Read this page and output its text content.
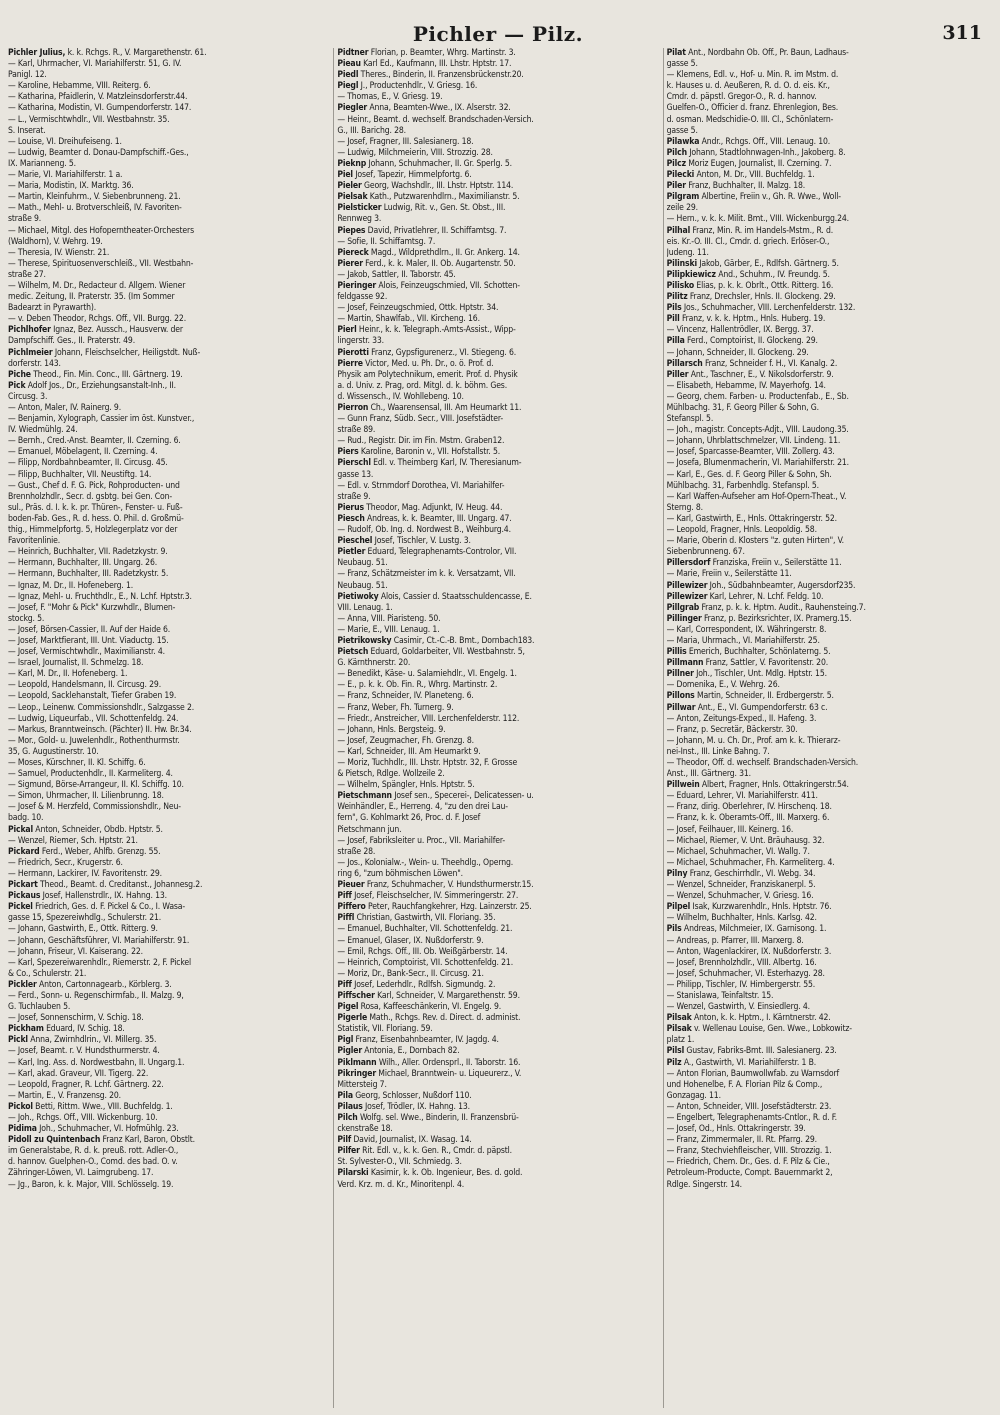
Pichler — Pilz.	311
Pichler Julius, k. k. Rchgs. R., V. Margarethenstr. 61.
— Karl, Uhrmacher, VI. Mariahilferstr. 51, G. IV.
Panigl. 12.
— Karoline, Hebamme, VIII. Reiterg. 6.
— Katharina, Pfaidlerin, V. Matzleinsdorferstr.44.
— Katharina, Modistin, VI. Gumpendorferstr. 147.
— L., Vermischtwhdlr., VII. Westbahnstr. 35.
S. Inserat.
— Louise, VI. Dreihufeiseng. 1.
— Ludwig, Beamter d. Donau-Dampfschiff.-Ges.,
IX. Marianneng. 5.
— Marie, VI. Mariahilferstr. 1 a.
— Maria, Modistin, IX. Marktg. 36.
— Martin, Kleinfuhrm., V. Siebenbrunneng. 21.
— Math., Mehl- u. Brotverschleiß, IV. Favoriten-
straße 9.
— Michael, Mitgl. des Hofoperntheater-Orchesters
(Waldhorn), V. Wehrg. 19.
— Theresia, IV. Wienstr. 21.
— Therese, Spirituosenverschleiß., VII. Westbahn-
straße 27.
— Wilhelm, M. Dr., Redacteur d. Allgem. Wiener
medic. Zeitung, II. Praterstr. 35. (Im Sommer
Badearzt in Pyrawarth).
— v. Deben Theodor, Rchgs. Off., VII. Burgg. 22.
Pichlhofer Ignaz, Bez. Aussch., Hausverw. der
Dampfschiff. Ges., II. Praterstr. 49.
Pichlmeier Johann, Fleischselcher, Heiligstdt. Nuß-
dorferstr. 143.
Piche Theod., Fin. Min. Conc., III. Gärtnerg. 19.
Pick Adolf Jos., Dr., Erziehungsanstalt-Inh., II.
Circusg. 3.
— Anton, Maler, IV. Rainerg. 9.
— Benjamin, Xylograph, Cassier im öst. Kunstver.,
IV. Wiedmühlg. 24.
— Bernh., Cred.-Anst. Beamter, II. Czerning. 6.
— Emanuel, Möbelagent, II. Czerning. 4.
— Filipp, Nordbahnbeamter, II. Circusg. 45.
— Filipp, Buchhalter, VII. Neustiftg. 14.
— Gust., Chef d. F. G. Pick, Rohproducten- und
Brennholzhdlr., Secr. d. gsbtg. bei Gen. Con-
sul., Präs. d. I. k. k. pr. Thüren-, Fenster- u. Fuß-
boden-Fab. Ges., R. d. hess. O. Phil. d. Großmü-
thig., Himmelpfortg. 5, Holzlegerplatz vor der
Favoritenlinie.
— Heinrich, Buchhalter, VII. Radetzkystr. 9.
— Hermann, Buchhalter, III. Ungarg. 26.
— Hermann, Buchhalter, III. Radetzkystr. 5.
— Ignaz, M. Dr., II. Hofeneberg. 1.
— Ignaz, Mehl- u. Fruchthdlr., E., N. Lchf. Hptstr.3.
— Josef, F. "Mohr & Pick" Kurzwhdlr., Blumen-
stockg. 5.
— Josef, Börsen-Cassier, II. Auf der Haide 6.
— Josef, Marktfierant, III. Unt. Viaductg. 15.
— Josef, Vermischtwhdlr., Maximilianstr. 4.
— Israel, Journalist, II. Schmelzg. 18.
— Karl, M. Dr., II. Hofeneberg. 1.
— Leopold, Handelsmann, II. Circusg. 29.
— Leopold, Sacklehanstalt, Tiefer Graben 19.
— Leop., Leinenw. Commissionshdlr., Salzgasse 2.
— Ludwig, Liqueurfab., VII. Schottenfeldg. 24.
— Markus, Branntweinsch. (Pächter) II. Hw. Br.34.
— Mor., Gold- u. Juwelenhdlr., Rothenthurmstr.
35, G. Augustinerstr. 10.
— Moses, Kürschner, II. Kl. Schiffg. 6.
— Samuel, Productenhdlr., II. Karmeliterg. 4.
— Sigmund, Börse-Arrangeur, II. Kl. Schiffg. 10.
— Simon, Uhrmacher, II. Lilienbrunng. 18.
— Josef & M. Herzfeld, Commissionshdlr., Neu-
badg. 10.
Pickal Anton, Schneider, Obdb. Hptstr. 5.
— Wenzel, Riemer, Sch. Hptstr. 21.
Pickard Ferd., Weber, Ahlfb. Grenzg. 55.
— Friedrich, Secr., Krugerstr. 6.
— Hermann, Lackirer, IV. Favoritenstr. 29.
Pickart Theod., Beamt. d. Creditanst., Johannesg.2.
Pickaus Josef, Hallenstrdlr., IX. Hahng. 13.
Pickel Friedrich, Ges. d. F. Pickel & Co., I. Wasa-
gasse 15, Spezereiwhdlg., Schulerstr. 21.
— Johann, Gastwirth, E., Ottk. Ritterg. 9.
— Johann, Geschäftsführer, VI. Mariahilferstr. 91.
— Johann, Friseur, VI. Kaiserang. 22.
— Karl, Spezereiwarenhdlr., Riemerstr. 2, F. Pickel
& Co., Schulerstr. 21.
Pickler Anton, Cartonnagearb., Körblerg. 3.
— Ferd., Sonn- u. Regenschirmfab., II. Malzg. 9,
G. Tuchlauben 5.
— Josef, Sonnenschirm, V. Schig. 18.
Pickham Eduard, IV. Schig. 18.
Pickl Anna, Zwirnhdlrin., VI. Millerg. 35.
— Josef, Beamt. r. V. Hundsthurmerstr. 4.
— Karl, Ing. Ass. d. Nordwestbahn, II. Ungarg.1.
— Karl, akad. Graveur, VII. Tigerg. 22.
— Leopold, Fragner, R. Lchf. Gärtnerg. 22.
— Martin, E., V. Franzensg. 20.
Pickol Betti, Rittm. Wwe., VIII. Buchfeldg. 1.
— Joh., Rchgs. Off., VIII. Wickenburg. 10.
Pidima Joh., Schuhmacher, VI. Hofmühlg. 23.
Pidoll zu Quintenbach Franz Karl, Baron, Obstlt.
im Generalstabe, R. d. k. preuß. rott. Adler-O.,
d. hannov. Guelphen-O., Comd. des bad. O. v.
Zähringer-Löwen, VI. Laimgrubeng. 17.
— Jg., Baron, k. k. Major, VIII. Schlösselg. 19.
Pidtner Florian, p. Beamter, Whrg. Martinstr. 3.
Pieau Karl Ed., Kaufmann, III. Lhstr. Hptstr. 17.
Piedl Theres., Binderin, II. Franzensbrückenstr.20.
Piegl J., Productenhdlr., V. Griesg. 16.
— Thomas, E., V. Griesg. 19.
Piegler Anna, Beamten-Wwe., IX. Alserstr. 32.
— Heinr., Beamt. d. wechself. Brandschaden-Versich.
G., III. Barichg. 28.
— Josef, Fragner, III. Salesianerg. 18.
— Ludwig, Milchmeierin, VIII. Strozzig. 28.
Pieknp Johann, Schuhmacher, II. Gr. Sperlg. 5.
Piel Josef, Tapezir, Himmelpfortg. 6.
Pieler Georg, Wachshdlr., III. Lhstr. Hptstr. 114.
Pielsak Kath., Putzwarenhdlrn., Maximilianstr. 5.
Pielsticker Ludwig, Rit. v., Gen. St. Obst., III.
Rennweg 3.
Piepes David, Privatlehrer, II. Schiffamtsg. 7.
— Sofie, II. Schiffamtsg. 7.
Piereck Magd., Wildprethdlrn., II. Gr. Ankerg. 14.
Pierer Ferd., k. k. Maler, II. Ob. Augartenstr. 50.
— Jakob, Sattler, II. Taborstr. 45.
Pieringer Alois, Feinzeugschmied, VII. Schotten-
feldgasse 92.
— Josef, Feinzeugschmied, Ottk. Hptstr. 34.
— Martin, Shawlfab., VII. Kircheng. 16.
Pierl Heinr., k. k. Telegraph.-Amts-Assist., Wipp-
lingerstr. 33.
Pierotti Franz, Gypsfigurenerz., VI. Stiegeng. 6.
Pierre Victor, Med. u. Ph. Dr., o. ö. Prof. d.
Physik am Polytechnikum, emerit. Prof. d. Physik
a. d. Univ. z. Prag, ord. Mitgl. d. k. böhm. Ges.
d. Wissensch., IV. Wohllebeng. 10.
Pierron Ch., Waarensensal, III. Am Heumarkt 11.
— Gunn Franz, Südb. Secr., VIII. Josefstädter-
straße 89.
— Rud., Registr. Dir. im Fin. Mstm. Graben12.
Piers Karoline, Baronin v., VII. Hofstallstr. 5.
Pierschl Edl. v. Theimberg Karl, IV. Theresianum-
gasse 13.
— Edl. v. Strnmdorf Dorothea, VI. Mariahilfer-
straße 9.
Pierus Theodor, Mag. Adjunkt, IV. Heug. 44.
Piesch Andreas, k. k. Beamter, III. Ungarg. 47.
— Rudolf, Ob. Ing. d. Nordwest B., Weihburg.4.
Pieschel Josef, Tischler, V. Lustg. 3.
Pietler Eduard, Telegraphenamts-Controlor, VII.
Neubaug. 51.
— Franz, Schätzmeister im k. k. Versatzamt, VII.
Neubaug. 51.
Pietiwoky Alois, Cassier d. Staatsschuldencasse, E.
VIII. Lenaug. 1.
— Anna, VIII. Piaristeng. 50.
— Marie, E., VIII. Lenaug. 1.
Pietrikowsky Casimir, Ct.-C.-B. Bmt., Dornbach183.
Pietsch Eduard, Goldarbeiter, VII. Westbahnstr. 5,
G. Kärnthnerstr. 20.
— Benedikt, Käse- u. Salamiehdlr., VI. Engelg. 1.
— E., p. k. k. Ob. Fin. R., Whrg. Martinstr. 2.
— Franz, Schneider, IV. Planeteng. 6.
— Franz, Weber, Fh. Turnerg. 9.
— Friedr., Anstreicher, VIII. Lerchenfelderstr. 112.
— Johann, Hnls. Bergsteig. 9.
— Josef, Zeugmacher, Fh. Grenzg. 8.
— Karl, Schneider, III. Am Heumarkt 9.
— Moriz, Tuchhdlr., III. Lhstr. Hptstr. 32, F. Grosse
& Pietsch, Rdlge. Wollzeile 2.
— Wilhelm, Spängler, Hnls. Hptstr. 5.
Pietschmann Josef sen., Specerei-, Delicatessen- u.
Weinhändler, E., Herreng. 4, "zu den drei Lau-
fern", G. Kohlmarkt 26, Proc. d. F. Josef
Pietschmann jun.
— Josef, Fabriksleiter u. Proc., VII. Mariahilfer-
straße 28.
— Jos., Kolonialw.-, Wein- u. Theehdlg., Operng.
ring 6, "zum böhmischen Löwen".
Pieuer Franz, Schuhmacher, V. Hundsthurmerstr.15.
Piff Josef, Fleischselcher, IV. Simmeringerstr. 27.
Piffero Peter, Rauchfangkehrer, Hzg. Lainzerstr. 25.
Piffl Christian, Gastwirth, VII. Floriang. 35.
— Emanuel, Buchhalter, VII. Schottenfeldg. 21.
— Emanuel, Glaser, IX. Nußdorferstr. 9.
— Emil, Rchgs. Off., III. Ob. Weißgärberstr. 14.
— Heinrich, Comptoirist, VII. Schottenfeldg. 21.
— Moriz, Dr., Bank-Secr., II. Circusg. 21.
Piff Josef, Lederhdlr., Rdlfsh. Sigmundg. 2.
Piffscher Karl, Schneider, V. Margarethenstr. 59.
Pigel Rosa, Kaffeeschänkerin, VI. Engelg. 9.
Pigerle Math., Rchgs. Rev. d. Direct. d. administ.
Statistik, VII. Floriang. 59.
Pigl Franz, Eisenbahnbeamter, IV. Jagdg. 4.
Pigler Antonia, E., Dornbach 82.
Piklmann Wilh., Aller. Ordensprl., II. Taborstr. 16.
Pikringer Michael, Branntwein- u. Liqueurerz., V.
Mittersteig 7.
Pila Georg, Schlosser, Nußdorf 110.
Pilaus Josef, Trödler, IX. Hahng. 13.
Pilch Wolfg. sel. Wwe., Binderin, II. Franzensbrü-
ckenstraße 18.
Pilf David, Journalist, IX. Wasag. 14.
Pilfer Rit. Edl. v., k. k. Gen. R., Cmdr. d. päpstl.
St. Sylvester-O., VII. Schmiedg. 3.
Pilarski Kasimir, k. k. Ob. Ingenieur, Bes. d. gold.
Verd. Krz. m. d. Kr., Minoritenpl. 4.
Pilat Ant., Nordbahn Ob. Off., Pr. Baun, Ladhaus-
gasse 5.
— Klemens, Edl. v., Hof- u. Min. R. im Mstm. d.
k. Hauses u. d. Aeußeren, R. d. O. d. eis. Kr.,
Cmdr. d. päpstl. Gregor-O., R. d. hannov.
Guelfen-O., Officier d. franz. Ehrenlegion, Bes.
d. osman. Medschidie-O. III. Cl., Schönlatern-
gasse 5.
Pilawka Andr., Rchgs. Off., VIII. Lenaug. 10.
Pilch Johann, Stadtlohnwagen-Inh., Jakoberg. 8.
Pilcz Moriz Eugen, Journalist, II. Czerning. 7.
Pilecki Anton, M. Dr., VIII. Buchfeldg. 1.
Piler Franz, Buchhalter, II. Malzg. 18.
Pilgram Albertine, Freiin v., Gh. R. Wwe., Woll-
zeile 29.
— Hern., v. k. k. Milit. Bmt., VIII. Wickenburgg.24.
Pilhal Franz, Min. R. im Handels-Mstm., R. d.
eis. Kr.-O. III. Cl., Cmdr. d. griech. Erlöser-O.,
Judeng. 11.
Pilinski Jakob, Gärber, E., Rdlfsh. Gärtnerg. 5.
Pilipkiewicz And., Schuhm., IV. Freundg. 5.
Pilisko Elias, p. k. k. Obrlt., Ottk. Ritterg. 16.
Pilitz Franz, Drechsler, Hnls. II. Glockeng. 29.
Pils Jos., Schuhmacher, VIII. Lerchenfelderstr. 132.
Pill Franz, v. k. k. Hptm., Hnls. Huberg. 19.
— Vincenz, Hallentrödler, IX. Bergg. 37.
Pilla Ferd., Comptoirist, II. Glockeng. 29.
— Johann, Schneider, II. Glockeng. 29.
Pillarsch Franz, Schneider f. H., VI. Kanalg. 2.
Piller Ant., Taschner, E., V. Nikolsdorferstr. 9.
— Elisabeth, Hebamme, IV. Mayerhofg. 14.
— Georg, chem. Farben- u. Productenfab., E., Sb.
Mühlbachg. 31, F. Georg Piller & Sohn, G.
Stefanspl. 5.
— Joh., magistr. Concepts-Adjt., VIII. Laudong.35.
— Johann, Uhrblattschmelzer, VII. Lindeng. 11.
— Josef, Sparcasse-Beamter, VIII. Zollerg. 43.
— Josefa, Blumenmacherin, VI. Mariahilferstr. 21.
— Karl, E., Ges. d. F. Georg Piller & Sohn, Sh.
Mühlbachg. 31, Farbenhdlg. Stefanspl. 5.
— Karl Waffen-Aufseher am Hof-Opern-Theat., V.
Sterng. 8.
— Karl, Gastwirth, E., Hnls. Ottakringerstr. 52.
— Leopold, Fragner, Hnls. Leopoldig. 58.
— Marie, Oberin d. Klosters "z. guten Hirten", V.
Siebenbrunneng. 67.
Pillersdorf Franziska, Freiin v., Seilerstätte 11.
— Marie, Freiin v., Seilerstätte 11.
Pillewizer Joh., Südbahnbeamter, Augersdorf235.
Pillewizer Karl, Lehrer, N. Lchf. Feldg. 10.
Pillgrab Franz, p. k. k. Hptm. Audit., Rauhensteing.7.
Pillinger Franz, p. Bezirksrichter, IX. Pramerg.15.
— Karl, Correspondent, IX. Währingerstr. 8.
— Maria, Uhrmach., VI. Mariahilferstr. 25.
Pillis Emerich, Buchhalter, Schönlaterng. 5.
Pillmann Franz, Sattler, V. Favoritenstr. 20.
Pillner Joh., Tischler, Unt. Mdlg. Hptstr. 15.
— Domenika, E., V. Wehrg. 26.
Pillons Martin, Schneider, II. Erdbergerstr. 5.
Pillwar Ant., E., VI. Gumpendorferstr. 63 c.
— Anton, Zeitungs-Exped., II. Hafeng. 3.
— Franz, p. Secretär, Bäckerstr. 30.
— Johann, M. u. Ch. Dr., Prof. am k. k. Thierarz-
nei-Inst., III. Linke Bahng. 7.
— Theodor, Off. d. wechself. Brandschaden-Versich.
Anst., III. Gärtnerg. 31.
Pillwein Albert, Fragner, Hnls. Ottakringerstr.54.
— Eduard, Lehrer, VI. Mariahilferstr. 411.
— Franz, dirig. Oberlehrer, IV. Hirschenq. 18.
— Franz, k. k. Oberamts-Off., III. Marxerg. 6.
— Josef, Feilhauer, III. Keinerg. 16.
— Michael, Riemer, V. Unt. Bräuhausg. 32.
— Michael, Schuhmacher, VI. Wallg. 7.
— Michael, Schuhmacher, Fh. Karmeliterg. 4.
Pilny Franz, Geschirrhdlr., VI. Webg. 34.
— Wenzel, Schneider, Franziskanerpl. 5.
— Wenzel, Schuhmacher, V. Griesg. 16.
Pilpel Isak, Kurzwarenhdlr., Hnls. Hptstr. 76.
— Wilhelm, Buchhalter, Hnls. Karlsg. 42.
Pils Andreas, Milchmeier, IX. Garnisong. 1.
— Andreas, p. Pfarrer, III. Marxerg. 8.
— Anton, Wagenlackirer, IX. Nußdorferstr. 3.
— Josef, Brennholzhdlr., VIII. Albertg. 16.
— Josef, Schuhmacher, VI. Esterhazyg. 28.
— Philipp, Tischler, IV. Himbergerstr. 55.
— Stanislawa, Teinfaltstr. 15.
— Wenzel, Gastwirth, V. Einsiedlerg. 4.
Pilsak Anton, k. k. Hptm., I. Kärntnerstr. 42.
Pilsak v. Wellenau Louise, Gen. Wwe., Lobkowitz-
platz 1.
Pilsl Gustav, Fabriks-Bmt. III. Salesianerg. 23.
Pilz A., Gastwirth, VI. Mariahilferstr. 1 B.
— Anton Florian, Baumwollwfab. zu Warnsdorf
und Hohenelbe, F. A. Florian Pilz & Comp.,
Gonzagag. 11.
— Anton, Schneider, VIII. Josefstädterstr. 23.
— Engelbert, Telegraphenamts-Cntlor., R. d. F.
— Josef, Od., Hnls. Ottakringerstr. 39.
— Franz, Zimmermaler, II. Rt. Pfarrg. 29.
— Franz, Stechviehfleischer, VIII. Strozzig. 1.
— Friedrich, Chem. Dr., Ges. d. F. Pilz & Cie.,
Petroleum-Producte, Compt. Bauernmarkt 2,
Rdlge. Singerstr. 14.
